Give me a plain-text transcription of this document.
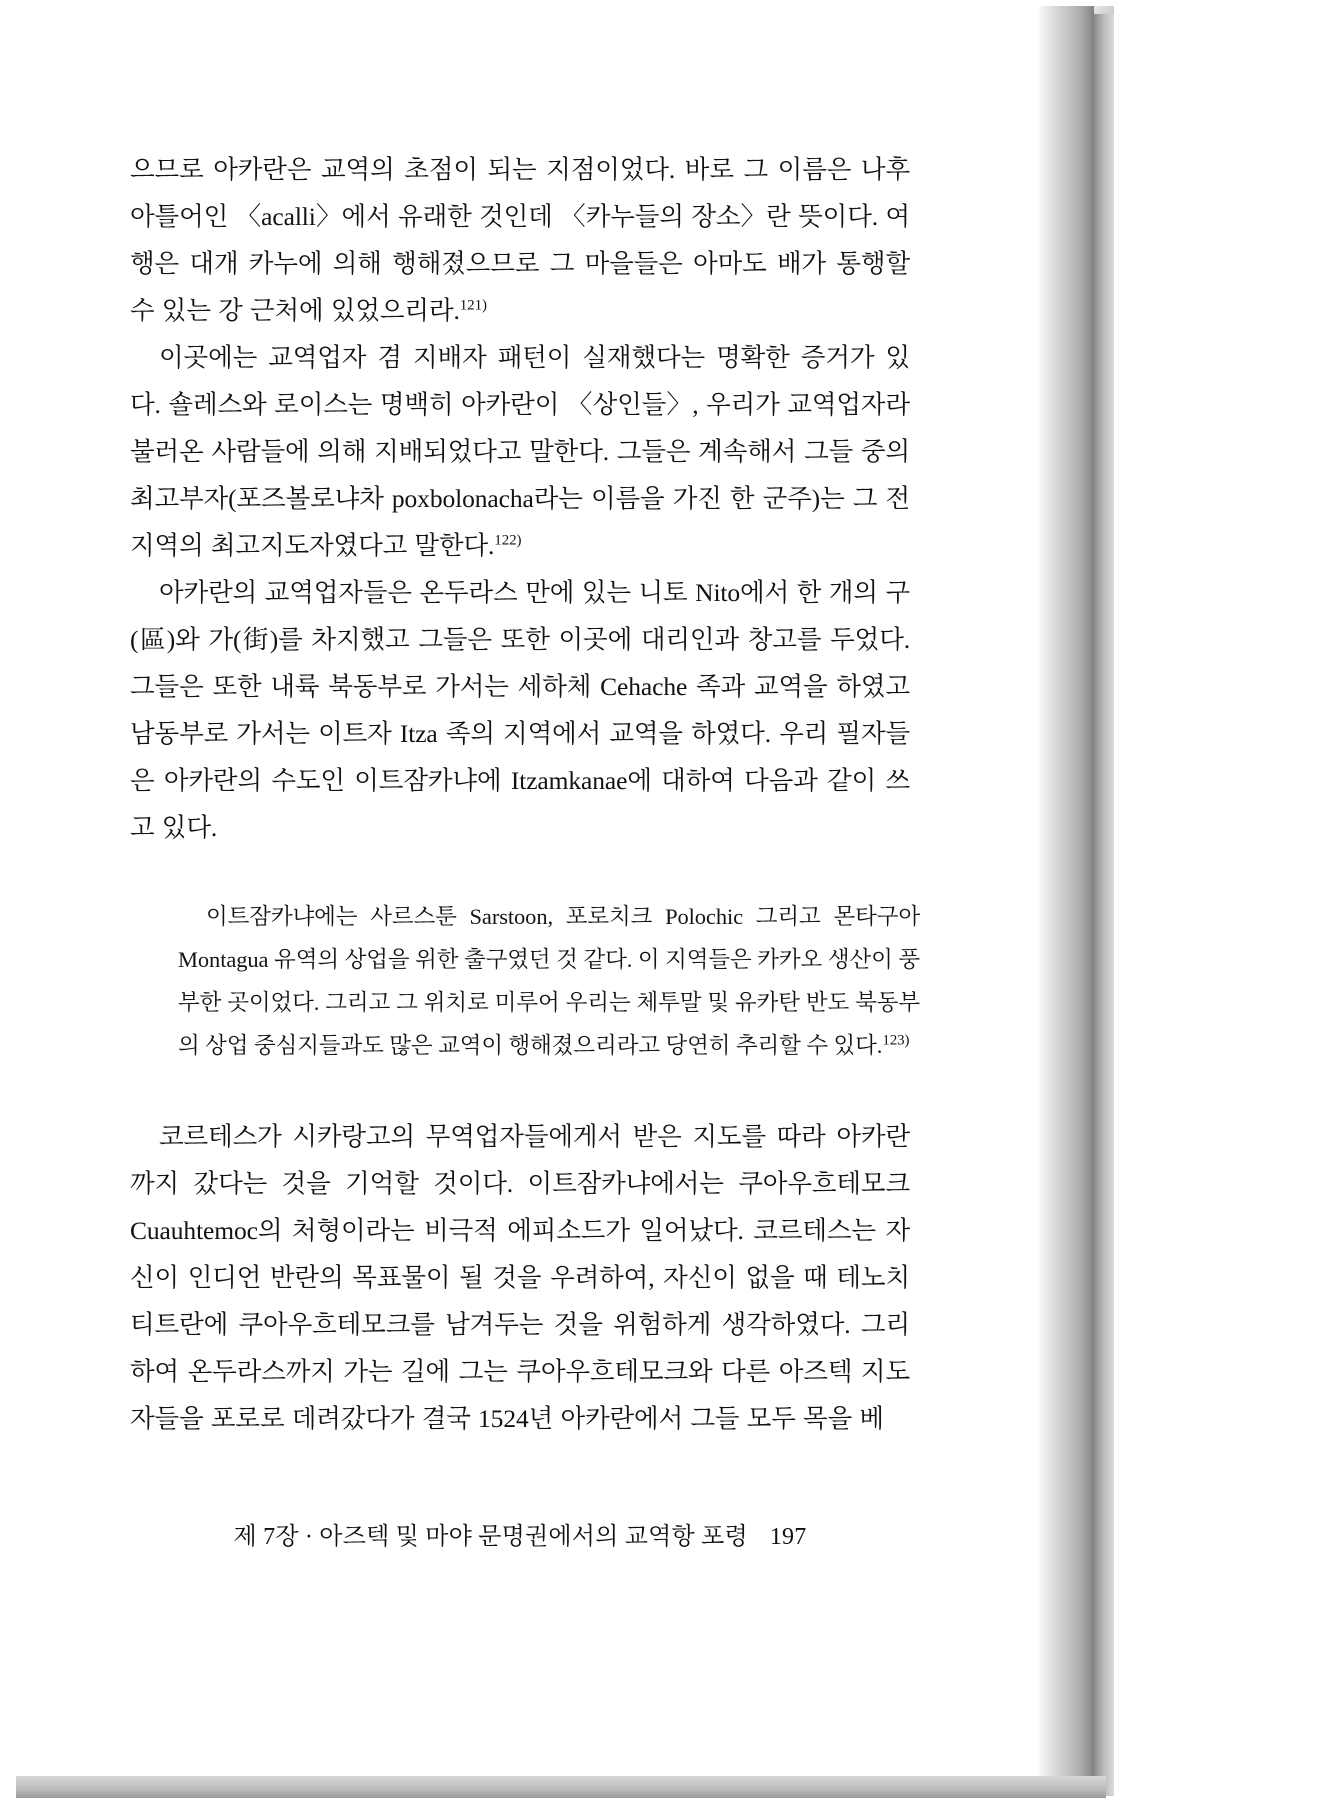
으므로 아카란은 교역의 초점이 되는 지점이었다. 바로 그 이름은 나후아틀어인 〈acalli〉에서 유래한 것인데 〈카누들의 장소〉란 뜻이다. 여행은 대개 카누에 의해 행해졌으므로 그 마을들은 아마도 배가 통행할 수 있는 강 근처에 있었으리라.$^{121)}$

이곳에는 교역업자 겸 지배자 패턴이 실재했다는 명확한 증거가 있다. 숄레스와 로이스는 명백히 아카란이 〈상인들〉, 우리가 교역업자라 불러온 사람들에 의해 지배되었다고 말한다. 그들은 계속해서 그들 중의 최고부자(포즈볼로냐차 poxbolonacha라는 이름을 가진 한 군주)는 그 전 지역의 최고지도자였다고 말한다.$^{122)}$

아카란의 교역업자들은 온두라스 만에 있는 니토 Nito에서 한 개의 구(區)와 가(街)를 차지했고 그들은 또한 이곳에 대리인과 창고를 두었다. 그들은 또한 내륙 북동부로 가서는 세하체 Cehache 족과 교역을 하였고 남동부로 가서는 이트자 Itza 족의 지역에서 교역을 하였다. 우리 필자들은 아카란의 수도인 이트잠카냐에 Itzamkanae에 대하여 다음과 같이 쓰고 있다.

이트잠카냐에는 사르스툰 Sarstoon, 포로치크 Polochic 그리고 몬타구아 Montagua 유역의 상업을 위한 출구였던 것 같다. 이 지역들은 카카오 생산이 풍부한 곳이었다. 그리고 그 위치로 미루어 우리는 체투말 및 유카탄 반도 북동부의 상업 중심지들과도 많은 교역이 행해졌으리라고 당연히 추리할 수 있다.$^{123)}$

코르테스가 시카랑고의 무역업자들에게서 받은 지도를 따라 아카란까지 갔다는 것을 기억할 것이다. 이트잠카냐에서는 쿠아우흐테모크 Cuauhtemoc의 처형이라는 비극적 에피소드가 일어났다. 코르테스는 자신이 인디언 반란의 목표물이 될 것을 우려하여, 자신이 없을 때 테노치티트란에 쿠아우흐테모크를 남겨두는 것을 위험하게 생각하였다. 그리하여 온두라스까지 가는 길에 그는 쿠아우흐테모크와 다른 아즈텍 지도자들을 포로로 데려갔다가 결국 1524년 아카란에서 그들 모두 목을 베

제 7장 · 아즈텍 및 마야 문명권에서의 교역항 포령 197
